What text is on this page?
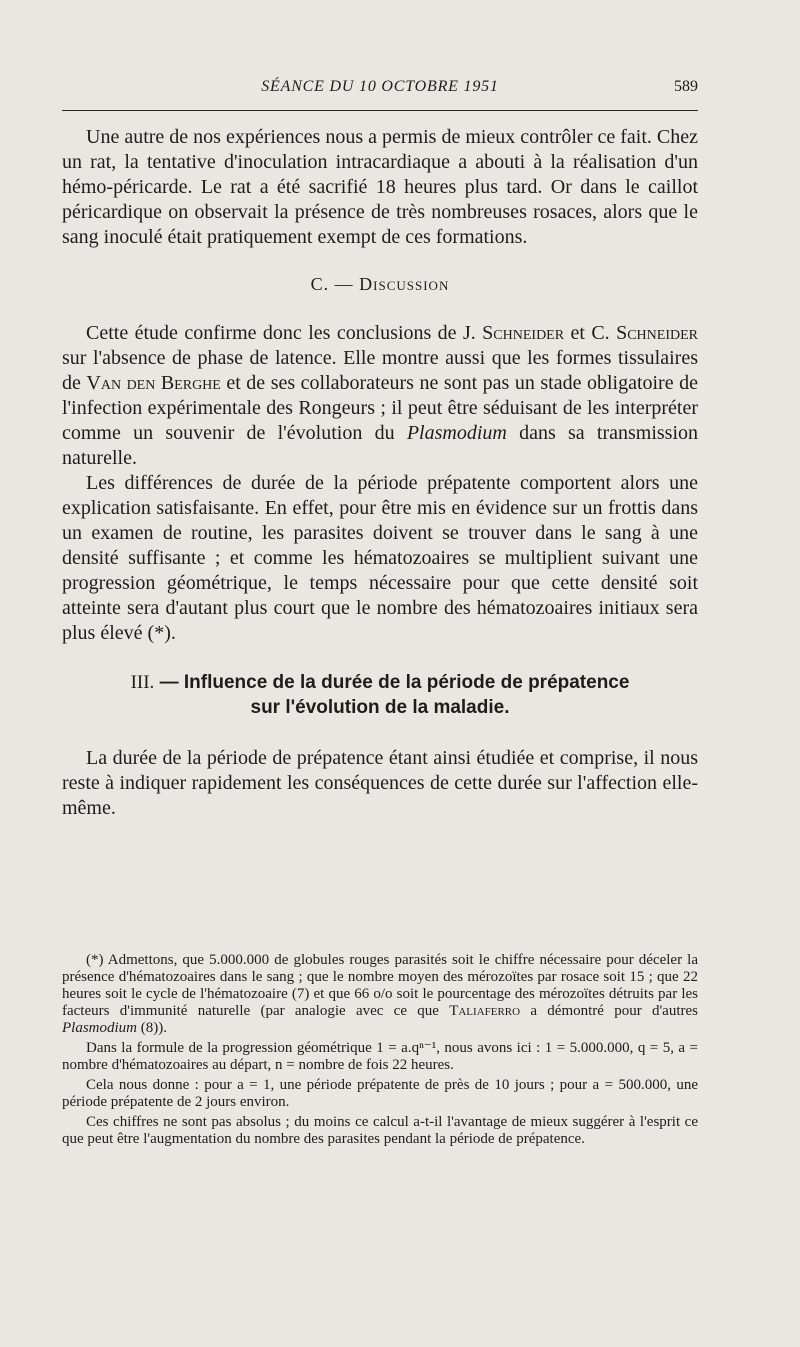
SÉANCE DU 10 OCTOBRE 1951	589

Une autre de nos expériences nous a permis de mieux contrôler ce fait. Chez un rat, la tentative d'inoculation intracardiaque a abouti à la réalisation d'un hémo-péricarde. Le rat a été sacrifié 18 heures plus tard. Or dans le caillot péricardique on observait la présence de très nombreuses rosaces, alors que le sang inoculé était pratiquement exempt de ces formations.

C. — Discussion

Cette étude confirme donc les conclusions de J. Schneider et C. Schneider sur l'absence de phase de latence. Elle montre aussi que les formes tissulaires de Van den Berghe et de ses collaborateurs ne sont pas un stade obligatoire de l'infection expérimentale des Rongeurs ; il peut être séduisant de les interpréter comme un souvenir de l'évolution du Plasmodium dans sa transmission naturelle.

Les différences de durée de la période prépatente comportent alors une explication satisfaisante. En effet, pour être mis en évidence sur un frottis dans un examen de routine, les parasites doivent se trouver dans le sang à une densité suffisante ; et comme les hématozoaires se multiplient suivant une progression géométrique, le temps nécessaire pour que cette densité soit atteinte sera d'autant plus court que le nombre des hématozoaires initiaux sera plus élevé (*).

III. — Influence de la durée de la période de prépatence
sur l'évolution de la maladie.

La durée de la période de prépatence étant ainsi étudiée et comprise, il nous reste à indiquer rapidement les conséquences de cette durée sur l'affection elle-même.

(*) Admettons, que 5.000.000 de globules rouges parasités soit le chiffre nécessaire pour déceler la présence d'hématozoaires dans le sang ; que le nombre moyen des mérozoïtes par rosace soit 15 ; que 22 heures soit le cycle de l'hématozoaire (7) et que 66 o/o soit le pourcentage des mérozoïtes détruits par les facteurs d'immunité naturelle (par analogie avec ce que Taliaferro a démontré pour d'autres Plasmodium (8)).

Dans la formule de la progression géométrique 1 = a.qⁿ⁻¹, nous avons ici : 1 = 5.000.000, q = 5, a = nombre d'hématozoaires au départ, n = nombre de fois 22 heures.

Cela nous donne : pour a = 1, une période prépatente de près de 10 jours ; pour a = 500.000, une période prépatente de 2 jours environ.

Ces chiffres ne sont pas absolus ; du moins ce calcul a-t-il l'avantage de mieux suggérer à l'esprit ce que peut être l'augmentation du nombre des parasites pendant la période de prépatence.
